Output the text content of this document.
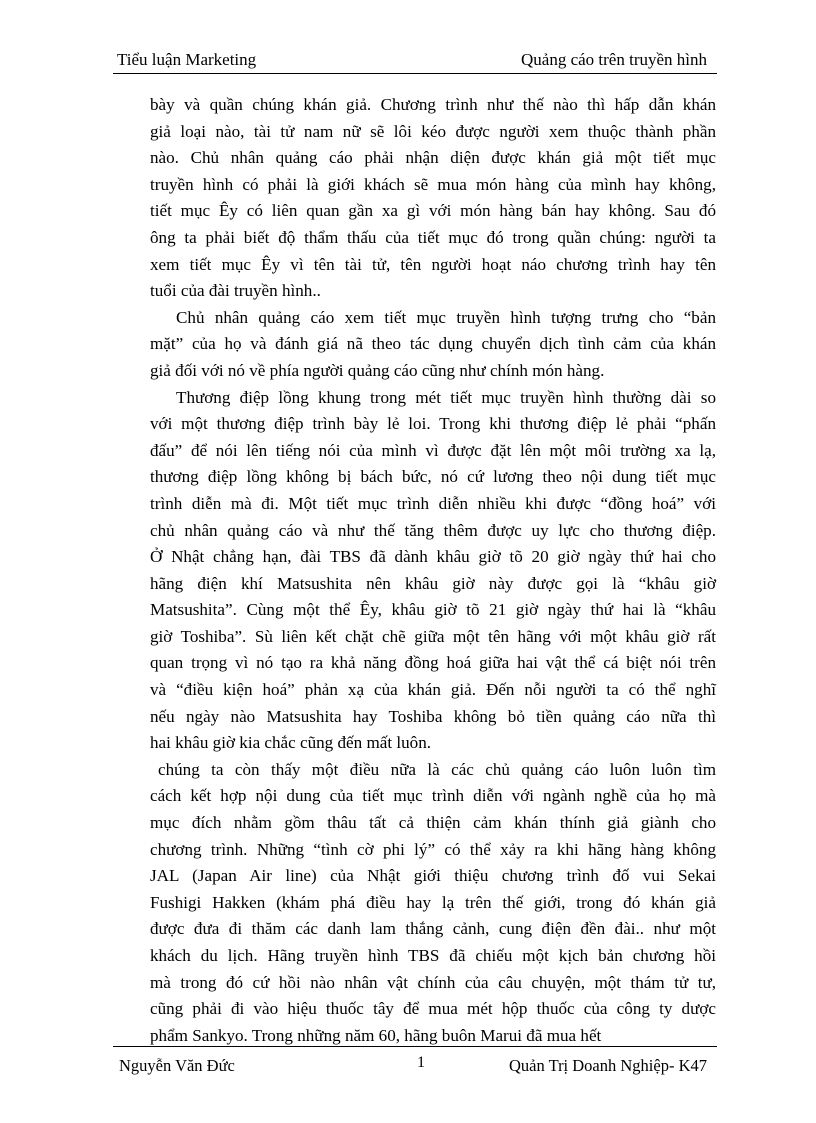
Tiểu luận Marketing	Quảng cáo trên truyền hình
bày và quần chúng khán giả. Chương trình như thế nào thì hấp dẫn khán
giả loại nào, tài tử nam nữ sẽ lôi kéo được người xem thuộc thành phần
nào. Chủ nhân quảng cáo phải nhận diện được khán giả một tiết mục
truyền hình có phải là giới khách sẽ mua món hàng của mình hay không,
tiết mục Êy có liên quan gần xa gì với món hàng bán hay không. Sau đó
ông ta phải biết độ thẩm thấu của tiết mục đó trong quần chúng: người ta
xem tiết mục Êy vì tên tài tử, tên người hoạt náo chương trình hay tên
tuổi của đài truyền hình..
Chủ nhân quảng cáo xem tiết mục truyền hình tượng trưng cho “bản
mặt” của họ và đánh giá nã theo tác dụng chuyển dịch tình cảm của khán
giả đối với nó về phía người quảng cáo cũng như chính món hàng.
Thương điệp lồng khung trong mét tiết mục truyền hình thường dài so
với một thương điệp trình bày lẻ loi. Trong khi thương điệp lẻ phải “phấn
đấu” để nói lên tiếng nói của mình vì được đặt lên một môi trường xa lạ,
thương điệp lồng không bị bách bức, nó cứ lương theo nội dung tiết mục
trình diễn mà đi. Một tiết mục trình diễn nhiều khi được “đồng hoá” với
chủ nhân quảng cáo và như thế tăng thêm được uy lực cho thương điệp.
Ở Nhật chẳng hạn, đài TBS đã dành khâu giờ tõ 20 giờ ngày thứ hai cho
hãng điện khí Matsushita nên khâu giờ này được gọi là “khâu giờ
Matsushita”. Cùng một thể Êy, khâu giờ tõ 21 giờ ngày thứ hai là “khâu
giờ Toshiba”. Sù liên kết chặt chẽ giữa một tên hãng với một khâu giờ rất
quan trọng vì nó tạo ra khả năng đồng hoá giữa hai vật thể cá biệt nói trên
và “điều kiện hoá” phản xạ của khán giả. Đến nỗi người ta có thể nghĩ
nếu ngày nào Matsushita hay Toshiba không bỏ tiền quảng cáo nữa thì
hai khâu giờ kia chắc cũng đến mất luôn.
chúng ta còn thấy một điều nữa là các chủ quảng cáo luôn luôn tìm
cách kết hợp nội dung của tiết mục trình diễn với ngành nghề của họ mà
mục đích nhằm gồm thâu tất cả thiện cảm khán thính giả giành cho
chương trình. Những “tình cờ phi lý” có thể xảy ra khi hãng hàng không
JAL (Japan Air line) của Nhật giới thiệu chương trình đố vui Sekai
Fushigi Hakken (khám phá điều hay lạ trên thế giới, trong đó khán giả
được đưa đi thăm các danh lam thắng cảnh, cung điện đền đài.. như một
khách du lịch. Hãng truyền hình TBS đã chiếu một kịch bản chương hồi
mà trong đó cứ hồi nào nhân vật chính của câu chuyện, một thám tử tư,
cũng phải đi vào hiệu thuốc tây để mua mét hộp thuốc của công ty dược
phẩm Sankyo. Trong những năm 60, hãng buôn Marui đã mua hết
Nguyễn Văn Đức	1	Quản Trị Doanh Nghiệp- K47
